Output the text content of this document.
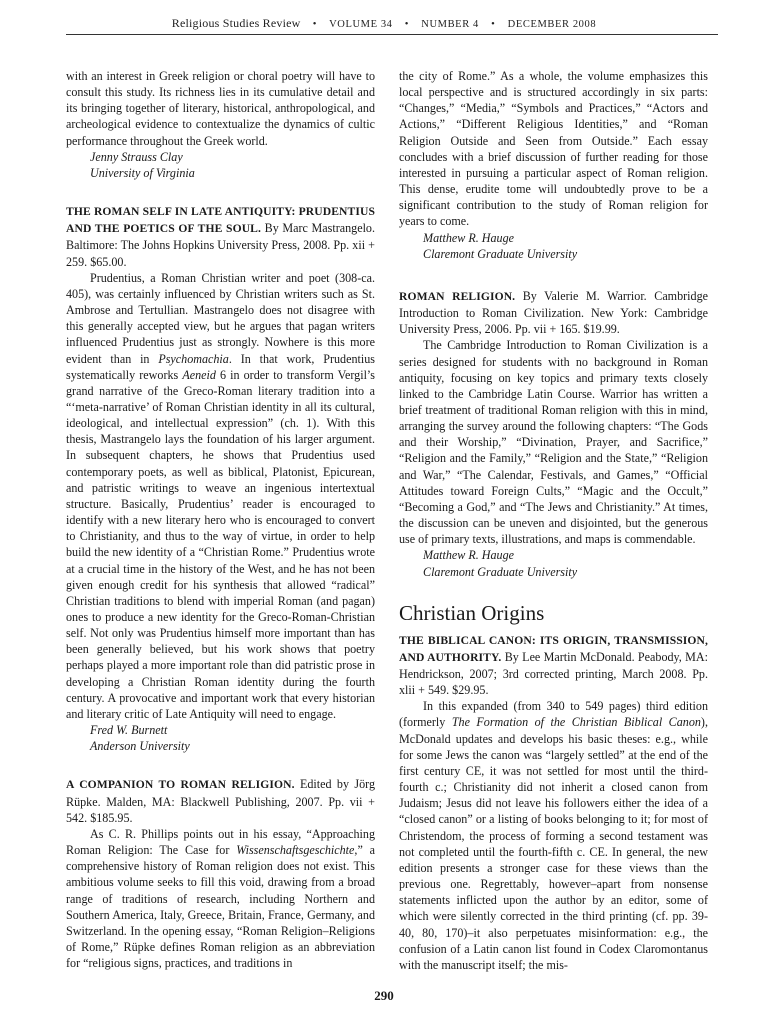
Religious Studies Review • VOLUME 34 • NUMBER 4 • DECEMBER 2008

with an interest in Greek religion or choral poetry will have to consult this study. Its richness lies in its cumulative detail and its bringing together of literary, historical, anthropological, and archeological evidence to contextualize the dynamics of cultic performance throughout the Greek world.

Jenny Strauss Clay
University of Virginia

THE ROMAN SELF IN LATE ANTIQUITY: PRUDENTIUS AND THE POETICS OF THE SOUL. By Marc Mastrangelo. Baltimore: The Johns Hopkins University Press, 2008. Pp. xii + 259. $65.00.

Prudentius, a Roman Christian writer and poet (308-ca. 405), was certainly influenced by Christian writers such as St. Ambrose and Tertullian. Mastrangelo does not disagree with this generally accepted view, but he argues that pagan writers influenced Prudentius just as strongly. Nowhere is this more evident than in Psychomachia. In that work, Prudentius systematically reworks Aeneid 6 in order to transform Vergil’s grand narrative of the Greco-Roman literary tradition into a “‘meta-narrative’ of Roman Christian identity in all its cultural, ideological, and intellectual expression” (ch. 1). With this thesis, Mastrangelo lays the foundation of his larger argument. In subsequent chapters, he shows that Prudentius used contemporary poets, as well as biblical, Platonist, Epicurean, and patristic writings to weave an ingenious intertextual structure. Basically, Prudentius’ reader is encouraged to identify with a new literary hero who is encouraged to convert to Christianity, and thus to the way of virtue, in order to help build the new identity of a “Christian Rome.” Prudentius wrote at a crucial time in the history of the West, and he has not been given enough credit for his synthesis that allowed “radical” Christian traditions to blend with imperial Roman (and pagan) ones to produce a new identity for the Greco-Roman-Christian self. Not only was Prudentius himself more important than has been generally believed, but his work shows that poetry perhaps played a more important role than did patristic prose in developing a Christian Roman identity during the fourth century. A provocative and important work that every historian and literary critic of Late Antiquity will need to engage.

Fred W. Burnett
Anderson University

A COMPANION TO ROMAN RELIGION. Edited by Jörg Rüpke. Malden, MA: Blackwell Publishing, 2007. Pp. vii + 542. $185.95.

As C. R. Phillips points out in his essay, “Approaching Roman Religion: The Case for Wissenschaftsgeschichte,” a comprehensive history of Roman religion does not exist. This ambitious volume seeks to fill this void, drawing from a broad range of traditions of research, including Northern and Southern America, Italy, Greece, Britain, France, Germany, and Switzerland. In the opening essay, “Roman Religion–Religions of Rome,” Rüpke defines Roman religion as an abbreviation for “religious signs, practices, and traditions in

the city of Rome.” As a whole, the volume emphasizes this local perspective and is structured accordingly in six parts: “Changes,” “Media,” “Symbols and Practices,” “Actors and Actions,” “Different Religious Identities,” and “Roman Religion Outside and Seen from Outside.” Each essay concludes with a brief discussion of further reading for those interested in pursuing a particular aspect of Roman religion. This dense, erudite tome will undoubtedly prove to be a significant contribution to the study of Roman religion for years to come.

Matthew R. Hauge
Claremont Graduate University

ROMAN RELIGION. By Valerie M. Warrior. Cambridge Introduction to Roman Civilization. New York: Cambridge University Press, 2006. Pp. vii + 165. $19.99.

The Cambridge Introduction to Roman Civilization is a series designed for students with no background in Roman antiquity, focusing on key topics and primary texts closely linked to the Cambridge Latin Course. Warrior has written a brief treatment of traditional Roman religion with this in mind, arranging the survey around the following chapters: “The Gods and their Worship,” “Divination, Prayer, and Sacrifice,” “Religion and the Family,” “Religion and the State,” “Religion and War,” “The Calendar, Festivals, and Games,” “Official Attitudes toward Foreign Cults,” “Magic and the Occult,” “Becoming a God,” and “The Jews and Christianity.” At times, the discussion can be uneven and disjointed, but the generous use of primary texts, illustrations, and maps is commendable.

Matthew R. Hauge
Claremont Graduate University
Christian Origins

THE BIBLICAL CANON: ITS ORIGIN, TRANSMISSION, AND AUTHORITY. By Lee Martin McDonald. Peabody, MA: Hendrickson, 2007; 3rd corrected printing, March 2008. Pp. xlii + 549. $29.95.

In this expanded (from 340 to 549 pages) third edition (formerly The Formation of the Christian Biblical Canon), McDonald updates and develops his basic theses: e.g., while for some Jews the canon was “largely settled” at the end of the first century CE, it was not settled for most until the third-fourth c.; Christianity did not inherit a closed canon from Judaism; Jesus did not leave his followers either the idea of a “closed canon” or a listing of books belonging to it; for most of Christendom, the process of forming a second testament was not completed until the fourth-fifth c. CE. In general, the new edition presents a stronger case for these views than the previous one. Regrettably, however–apart from nonsense statements inflicted upon the author by an editor, some of which were silently corrected in the third printing (cf. pp. 39-40, 80, 170)–it also perpetuates misinformation: e.g., the confusion of a Latin canon list found in Codex Claromontanus with the manuscript itself; the mis-

290
